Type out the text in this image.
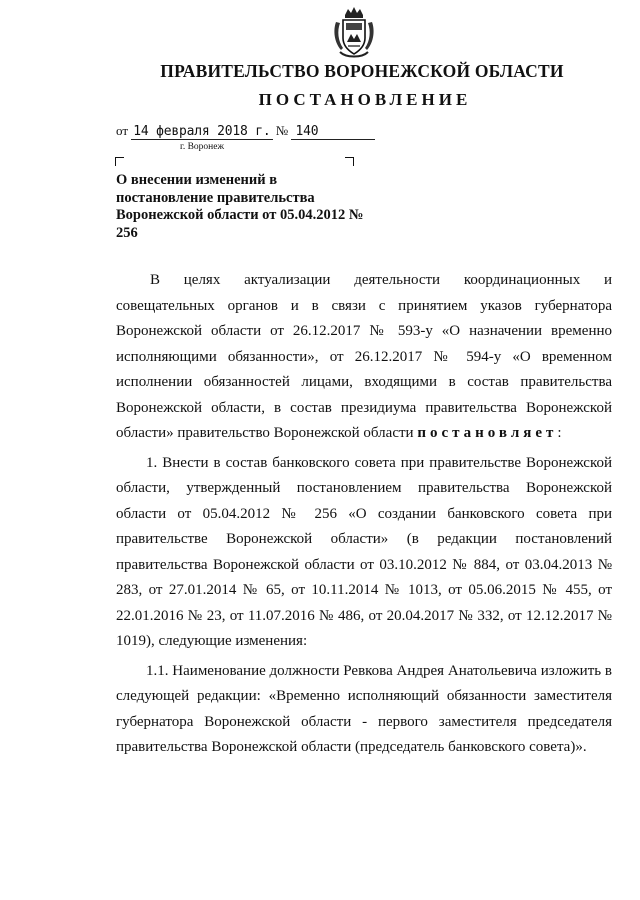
ПРАВИТЕЛЬСТВО ВОРОНЕЖСКОЙ ОБЛАСТИ
ПОСТАНОВЛЕНИЕ
от 14 февраля 2018 г. № 140
г. Воронеж

О внесении изменений в постановление правительства Воронежской области от 05.04.2012 № 256

В целях актуализации деятельности координационных и совещательных органов и в связи с принятием указов губернатора Воронежской области от 26.12.2017 № 593-у «О назначении временно исполняющими обязанности», от 26.12.2017 № 594-у «О временном исполнении обязанностей лицами, входящими в состав правительства Воронежской области, в состав президиума правительства Воронежской области» правительство Воронежской области постановляет:

1. Внести в состав банковского совета при правительстве Воронежской области, утвержденный постановлением правительства Воронежской области от 05.04.2012 № 256 «О создании банковского совета при правительстве Воронежской области» (в редакции постановлений правительства Воронежской области от 03.10.2012 № 884, от 03.04.2013 № 283, от 27.01.2014 № 65, от 10.11.2014 № 1013, от 05.06.2015 № 455, от 22.01.2016 № 23, от 11.07.2016 № 486, от 20.04.2017 № 332, от 12.12.2017 № 1019), следующие изменения:

1.1. Наименование должности Ревкова Андрея Анатольевича изложить в следующей редакции: «Временно исполняющий обязанности заместителя губернатора Воронежской области - первого заместителя председателя правительства Воронежской области (председатель банковского совета)».
